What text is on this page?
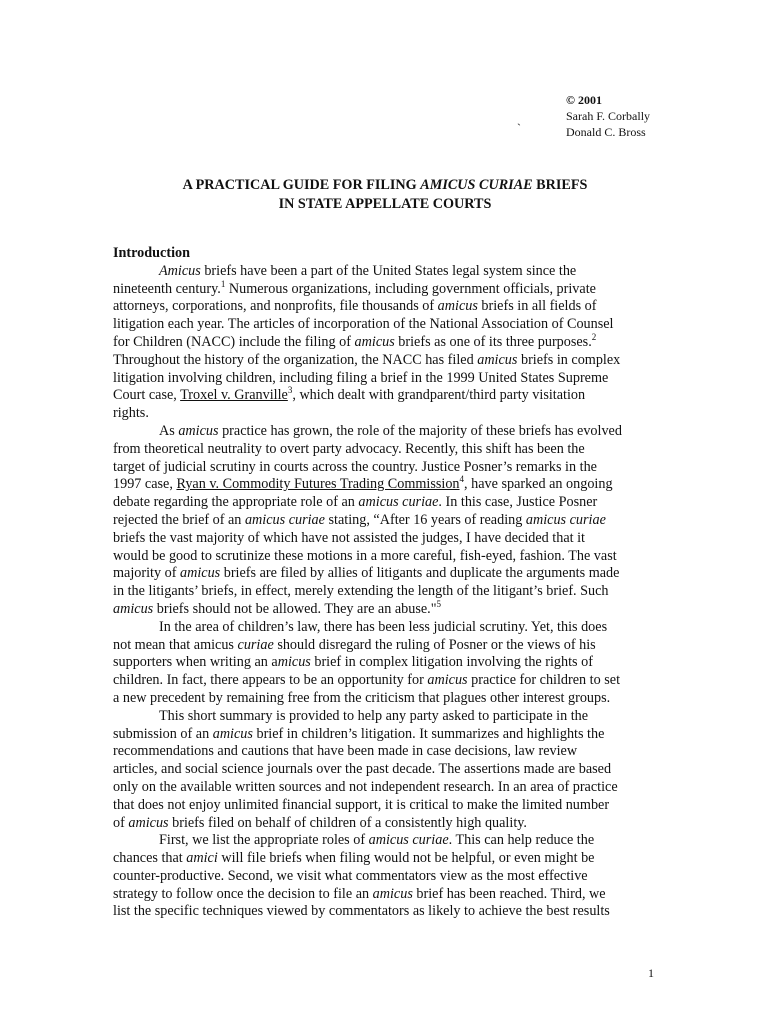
© 2001
Sarah F. Corbally
Donald C. Bross
`
A PRACTICAL GUIDE FOR FILING AMICUS CURIAE BRIEFS
IN STATE APPELLATE COURTS
Introduction
Amicus briefs have been a part of the United States legal system since the
nineteenth century.$^1$ Numerous organizations, including government officials, private
attorneys, corporations, and nonprofits, file thousands of amicus briefs in all fields of
litigation each year. The articles of incorporation of the National Association of Counsel
for Children (NACC) include the filing of amicus briefs as one of its three purposes.$^2$
Throughout the history of the organization, the NACC has filed amicus briefs in complex
litigation involving children, including filing a brief in the 1999 United States Supreme
Court case, Troxel v. Granville$^3$, which dealt with grandparent/third party visitation
rights.
As amicus practice has grown, the role of the majority of these briefs has evolved
from theoretical neutrality to overt party advocacy. Recently, this shift has been the
target of judicial scrutiny in courts across the country. Justice Posner’s remarks in the
1997 case, Ryan v. Commodity Futures Trading Commission$^4$, have sparked an ongoing
debate regarding the appropriate role of an amicus curiae. In this case, Justice Posner
rejected the brief of an amicus curiae stating, “After 16 years of reading amicus curiae
briefs the vast majority of which have not assisted the judges, I have decided that it
would be good to scrutinize these motions in a more careful, fish-eyed, fashion. The vast
majority of amicus briefs are filed by allies of litigants and duplicate the arguments made
in the litigants’ briefs, in effect, merely extending the length of the litigant’s brief. Such
amicus briefs should not be allowed. They are an abuse."$^5$
In the area of children’s law, there has been less judicial scrutiny. Yet, this does
not mean that amicus curiae should disregard the ruling of Posner or the views of his
supporters when writing an amicus brief in complex litigation involving the rights of
children. In fact, there appears to be an opportunity for amicus practice for children to set
a new precedent by remaining free from the criticism that plagues other interest groups.
This short summary is provided to help any party asked to participate in the
submission of an amicus brief in children’s litigation. It summarizes and highlights the
recommendations and cautions that have been made in case decisions, law review
articles, and social science journals over the past decade. The assertions made are based
only on the available written sources and not independent research. In an area of practice
that does not enjoy unlimited financial support, it is critical to make the limited number
of amicus briefs filed on behalf of children of a consistently high quality.
First, we list the appropriate roles of amicus curiae. This can help reduce the
chances that amici will file briefs when filing would not be helpful, or even might be
counter-productive. Second, we visit what commentators view as the most effective
strategy to follow once the decision to file an amicus brief has been reached. Third, we
list the specific techniques viewed by commentators as likely to achieve the best results
1
